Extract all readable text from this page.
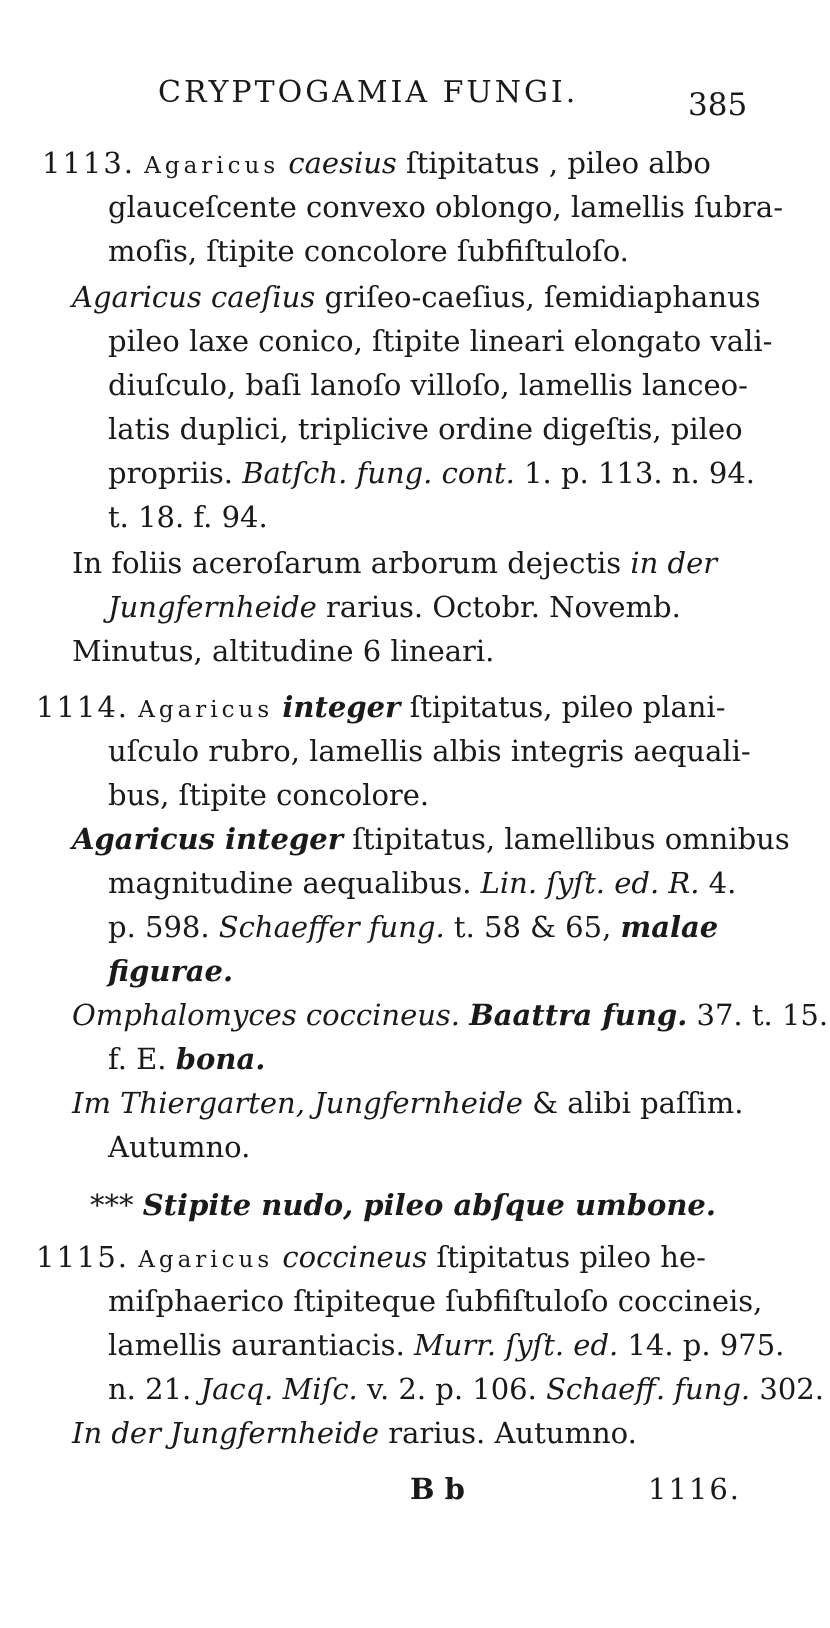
CRYPTOGAMIA FUNGI.	385
1113. Agaricus caesius ſtipitatus , pileo albo
glaucеſcente convexo oblongo, lamellis ſubra-
moſis, ſtipite concolore ſubfiſtuloſo.
Agaricus caeſius griſeo-caeſius, ſemidiaphanus
pileo laxe conico, ſtipite lineari elongato vali-
diuſculo, baſi lanoſo villoſo, lamellis lanceo-
latis duplici, triplicive ordine digeſtis, pileo
propriis. Batſch. fung. cont. 1. p. 113. n. 94.
t. 18. f. 94.
In foliis aceroſarum arborum dejectis in der
Jungfernheide rarius. Octobr. Novemb.
Minutus, altitudine 6 lineari.
1114. Agaricus integer ſtipitatus, pileo plani-
uſculo rubro, lamellis albis integris aequali-
bus, ſtipite concolore.
Agaricus integer ſtipitatus, lamellibus omnibus
magnitudine aequalibus. Lin. ſyſt. ed. R. 4.
p. 598. Schaeffer fung. t. 58 & 65, malae
figurae.
Omphalomyces coccineus. Baattra fung. 37. t. 15.
f. E. bona.
Im Thiergarten, Jungfernheide & alibi paſſim.
Autumno.
*** Stipite nudo, pileo abſque umbone.
1115. Agaricus coccineus ſtipitatus pileo he-
miſphaerico ſtipiteque ſubfiſtuloſo coccineis,
lamellis aurantiacis. Murr. ſyſt. ed. 14. p. 975.
n. 21. Jacq. Miſc. v. 2. p. 106. Schaeff. fung. 302.
In der Jungfernheide rarius. Autumno.
B b	1116.
